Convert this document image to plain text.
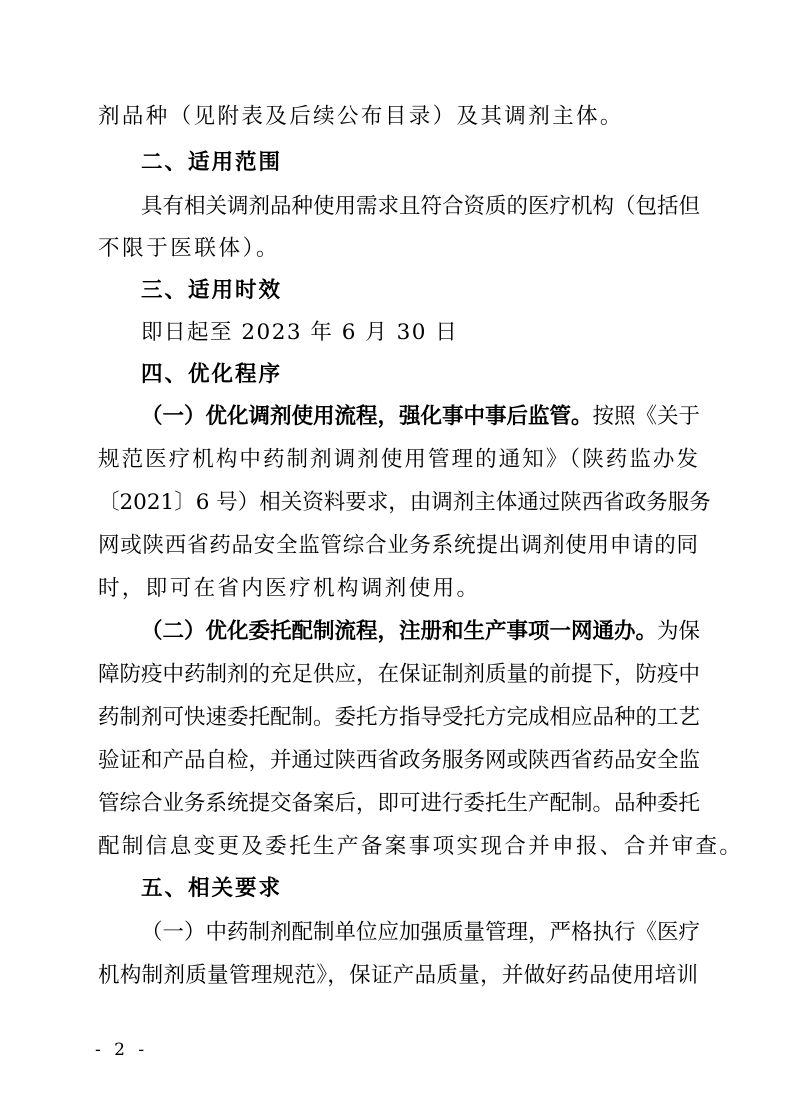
剂品种（见附表及后续公布目录）及其调剂主体。
二、适用范围
具有相关调剂品种使用需求且符合资质的医疗机构（包括但
不限于医联体）。
三、适用时效
即日起至 2023 年 6 月 30 日
四、优化程序
（一）优化调剂使用流程，强化事中事后监管。按照《关于
规范医疗机构中药制剂调剂使用管理的通知》（陕药监办发
〔2021〕6 号）相关资料要求，由调剂主体通过陕西省政务服务
网或陕西省药品安全监管综合业务系统提出调剂使用申请的同
时，即可在省内医疗机构调剂使用。
（二）优化委托配制流程，注册和生产事项一网通办。为保
障防疫中药制剂的充足供应，在保证制剂质量的前提下，防疫中
药制剂可快速委托配制。委托方指导受托方完成相应品种的工艺
验证和产品自检，并通过陕西省政务服务网或陕西省药品安全监
管综合业务系统提交备案后，即可进行委托生产配制。品种委托
配制信息变更及委托生产备案事项实现合并申报、合并审查。
五、相关要求
（一）中药制剂配制单位应加强质量管理，严格执行《医疗
机构制剂质量管理规范》，保证产品质量，并做好药品使用培训
- 2 -
